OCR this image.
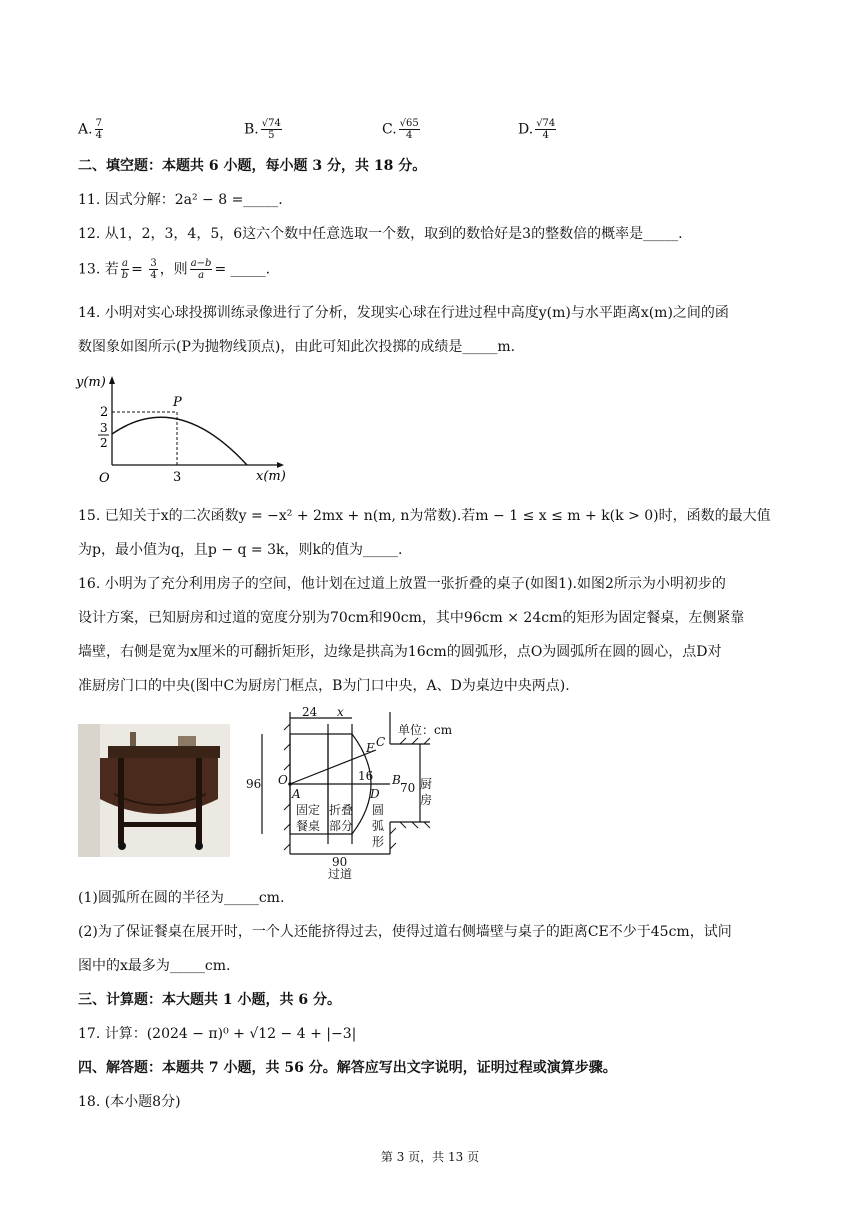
A. $\frac{7}{4}$	B. $\frac{√74}{5}$	C. $\frac{√65}{4}$	D. $\frac{√74}{4}$
二、填空题：本题共 6 小题，每小题 3 分，共 18 分。
11. 因式分解：2a² − 8 =_____.
12. 从1，2，3，4，5，6这六个数中任意选取一个数，取到的数恰好是3的整数倍的概率是_____.
13. 若 $\frac{a}{b} = \frac{3}{4}$ ，则 $\frac{a-b}{a}$ = _____.
14. 小明对实心球投掷训练录像进行了分析，发现实心球在行进过程中高度y(m)与水平距离x(m)之间的函
数图象如图所示(P为抛物线顶点)，由此可知此次投掷的成绩是_____m.
y(m)
x(m)
O
P
2
3
2
3
15. 已知关于x的二次函数y = −x² + 2mx + n(m, n为常数).若m − 1 ≤ x ≤ m + k(k > 0)时，函数的最大值
为p，最小值为q，且p − q = 3k，则k的值为_____.
16. 小明为了充分利用房子的空间，他计划在过道上放置一张折叠的桌子(如图1).如图2所示为小明初步的
设计方案，已知厨房和过道的宽度分别为70cm和90cm，其中96cm × 24cm的矩形为固定餐桌，左侧紧靠
墙壁，右侧是宽为x厘米的可翻折矩形，边缘是拱高为16cm的圆弧形，点O为圆弧所在圆的圆心，点D对
准厨房门口的中央(图中C为厨房门框点，B为门口中央，A、D为桌边中央两点).
24 x
单位：cm
96
16
70
90
O
A
B
C
D
E
固定
餐桌
折叠
部分
圆
弧
形
厨
房
过道
(1)圆弧所在圆的半径为_____cm.
(2)为了保证餐桌在展开时，一个人还能挤得过去，使得过道右侧墙壁与桌子的距离CE不少于45cm，试问
图中的x最多为_____cm.
三、计算题：本大题共 1 小题，共 6 分。
17. 计算：(2024 − π)⁰ + √12 − 4 + |−3|
四、解答题：本题共 7 小题，共 56 分。解答应写出文字说明，证明过程或演算步骤。
18. (本小题8分)
第 3 页，共 13 页
